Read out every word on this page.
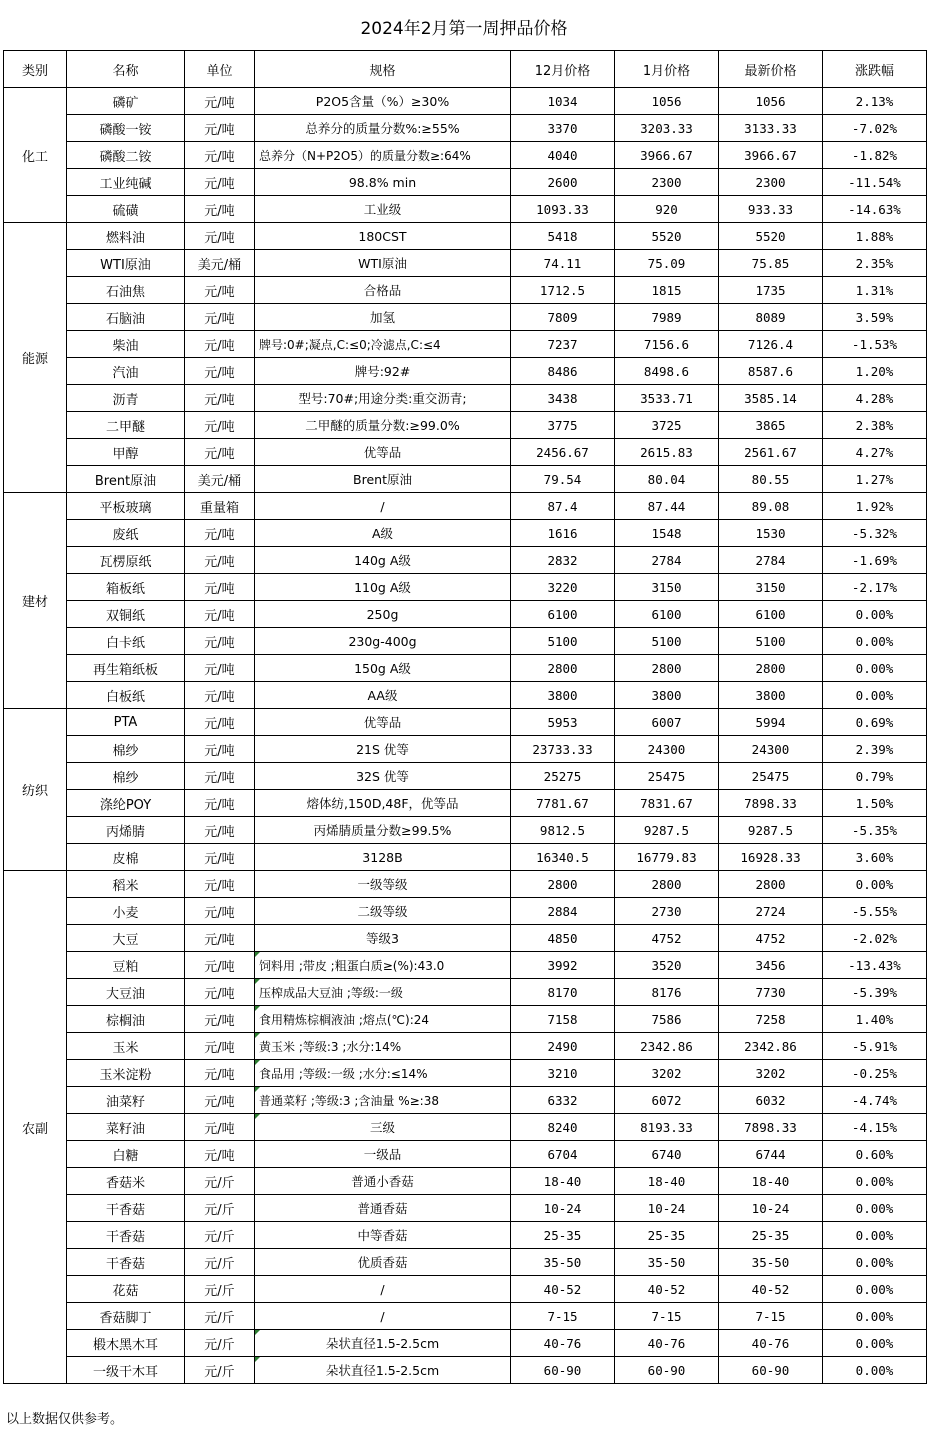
2024年2月第一周押品价格
类别	名称	单位	规格	12月价格	1月价格	最新价格	涨跌幅
化工	磷矿	元/吨	P2O5含量（%）≥30%	1034	1056	1056	2.13%
	磷酸一铵	元/吨	总养分的质量分数%:≥55%	3370	3203.33	3133.33	-7.02%
	磷酸二铵	元/吨	总养分（N+P2O5）的质量分数≥:64%	4040	3966.67	3966.67	-1.82%
	工业纯碱	元/吨	98.8% min	2600	2300	2300	-11.54%
	硫磺	元/吨	工业级	1093.33	920	933.33	-14.63%
能源	燃料油	元/吨	180CST	5418	5520	5520	1.88%
	WTI原油	美元/桶	WTI原油	74.11	75.09	75.85	2.35%
	石油焦	元/吨	合格品	1712.5	1815	1735	1.31%
	石脑油	元/吨	加氢	7809	7989	8089	3.59%
	柴油	元/吨	牌号:0#;凝点,C:≤0;冷滤点,C:≤4	7237	7156.6	7126.4	-1.53%
	汽油	元/吨	牌号:92#	8486	8498.6	8587.6	1.20%
	沥青	元/吨	型号:70#;用途分类:重交沥青;	3438	3533.71	3585.14	4.28%
	二甲醚	元/吨	二甲醚的质量分数:≥99.0%	3775	3725	3865	2.38%
	甲醇	元/吨	优等品	2456.67	2615.83	2561.67	4.27%
	Brent原油	美元/桶	Brent原油	79.54	80.04	80.55	1.27%
建材	平板玻璃	重量箱	/	87.4	87.44	89.08	1.92%
	废纸	元/吨	A级	1616	1548	1530	-5.32%
	瓦楞原纸	元/吨	140g A级	2832	2784	2784	-1.69%
	箱板纸	元/吨	110g A级	3220	3150	3150	-2.17%
	双铜纸	元/吨	250g	6100	6100	6100	0.00%
	白卡纸	元/吨	230g-400g	5100	5100	5100	0.00%
	再生箱纸板	元/吨	150g A级	2800	2800	2800	0.00%
	白板纸	元/吨	AA级	3800	3800	3800	0.00%
纺织	PTA	元/吨	优等品	5953	6007	5994	0.69%
	棉纱	元/吨	21S 优等	23733.33	24300	24300	2.39%
	棉纱	元/吨	32S 优等	25275	25475	25475	0.79%
	涤纶POY	元/吨	熔体纺,150D,48F，优等品	7781.67	7831.67	7898.33	1.50%
	丙烯腈	元/吨	丙烯腈质量分数≥99.5%	9812.5	9287.5	9287.5	-5.35%
	皮棉	元/吨	3128B	16340.5	16779.83	16928.33	3.60%
农副	稻米	元/吨	一级等级	2800	2800	2800	0.00%
	小麦	元/吨	二级等级	2884	2730	2724	-5.55%
	大豆	元/吨	等级3	4850	4752	4752	-2.02%
	豆粕	元/吨	饲料用 ;带皮 ;粗蛋白质≥(%):43.0	3992	3520	3456	-13.43%
	大豆油	元/吨	压榨成品大豆油 ;等级:一级	8170	8176	7730	-5.39%
	棕榈油	元/吨	食用精炼棕榈液油 ;熔点(℃):24	7158	7586	7258	1.40%
	玉米	元/吨	黄玉米 ;等级:3 ;水分:14%	2490	2342.86	2342.86	-5.91%
	玉米淀粉	元/吨	食品用 ;等级:一级 ;水分:≤14%	3210	3202	3202	-0.25%
	油菜籽	元/吨	普通菜籽 ;等级:3 ;含油量 %≥:38	6332	6072	6032	-4.74%
	菜籽油	元/吨	三级	8240	8193.33	7898.33	-4.15%
	白糖	元/吨	一级品	6704	6740	6744	0.60%
	香菇米	元/斤	普通小香菇	18-40	18-40	18-40	0.00%
	干香菇	元/斤	普通香菇	10-24	10-24	10-24	0.00%
	干香菇	元/斤	中等香菇	25-35	25-35	25-35	0.00%
	干香菇	元/斤	优质香菇	35-50	35-50	35-50	0.00%
	花菇	元/斤	/	40-52	40-52	40-52	0.00%
	香菇脚丁	元/斤	/	7-15	7-15	7-15	0.00%
	椴木黑木耳	元/斤	朵状直径1.5-2.5cm	40-76	40-76	40-76	0.00%
	一级干木耳	元/斤	朵状直径1.5-2.5cm	60-90	60-90	60-90	0.00%
以上数据仅供参考。
